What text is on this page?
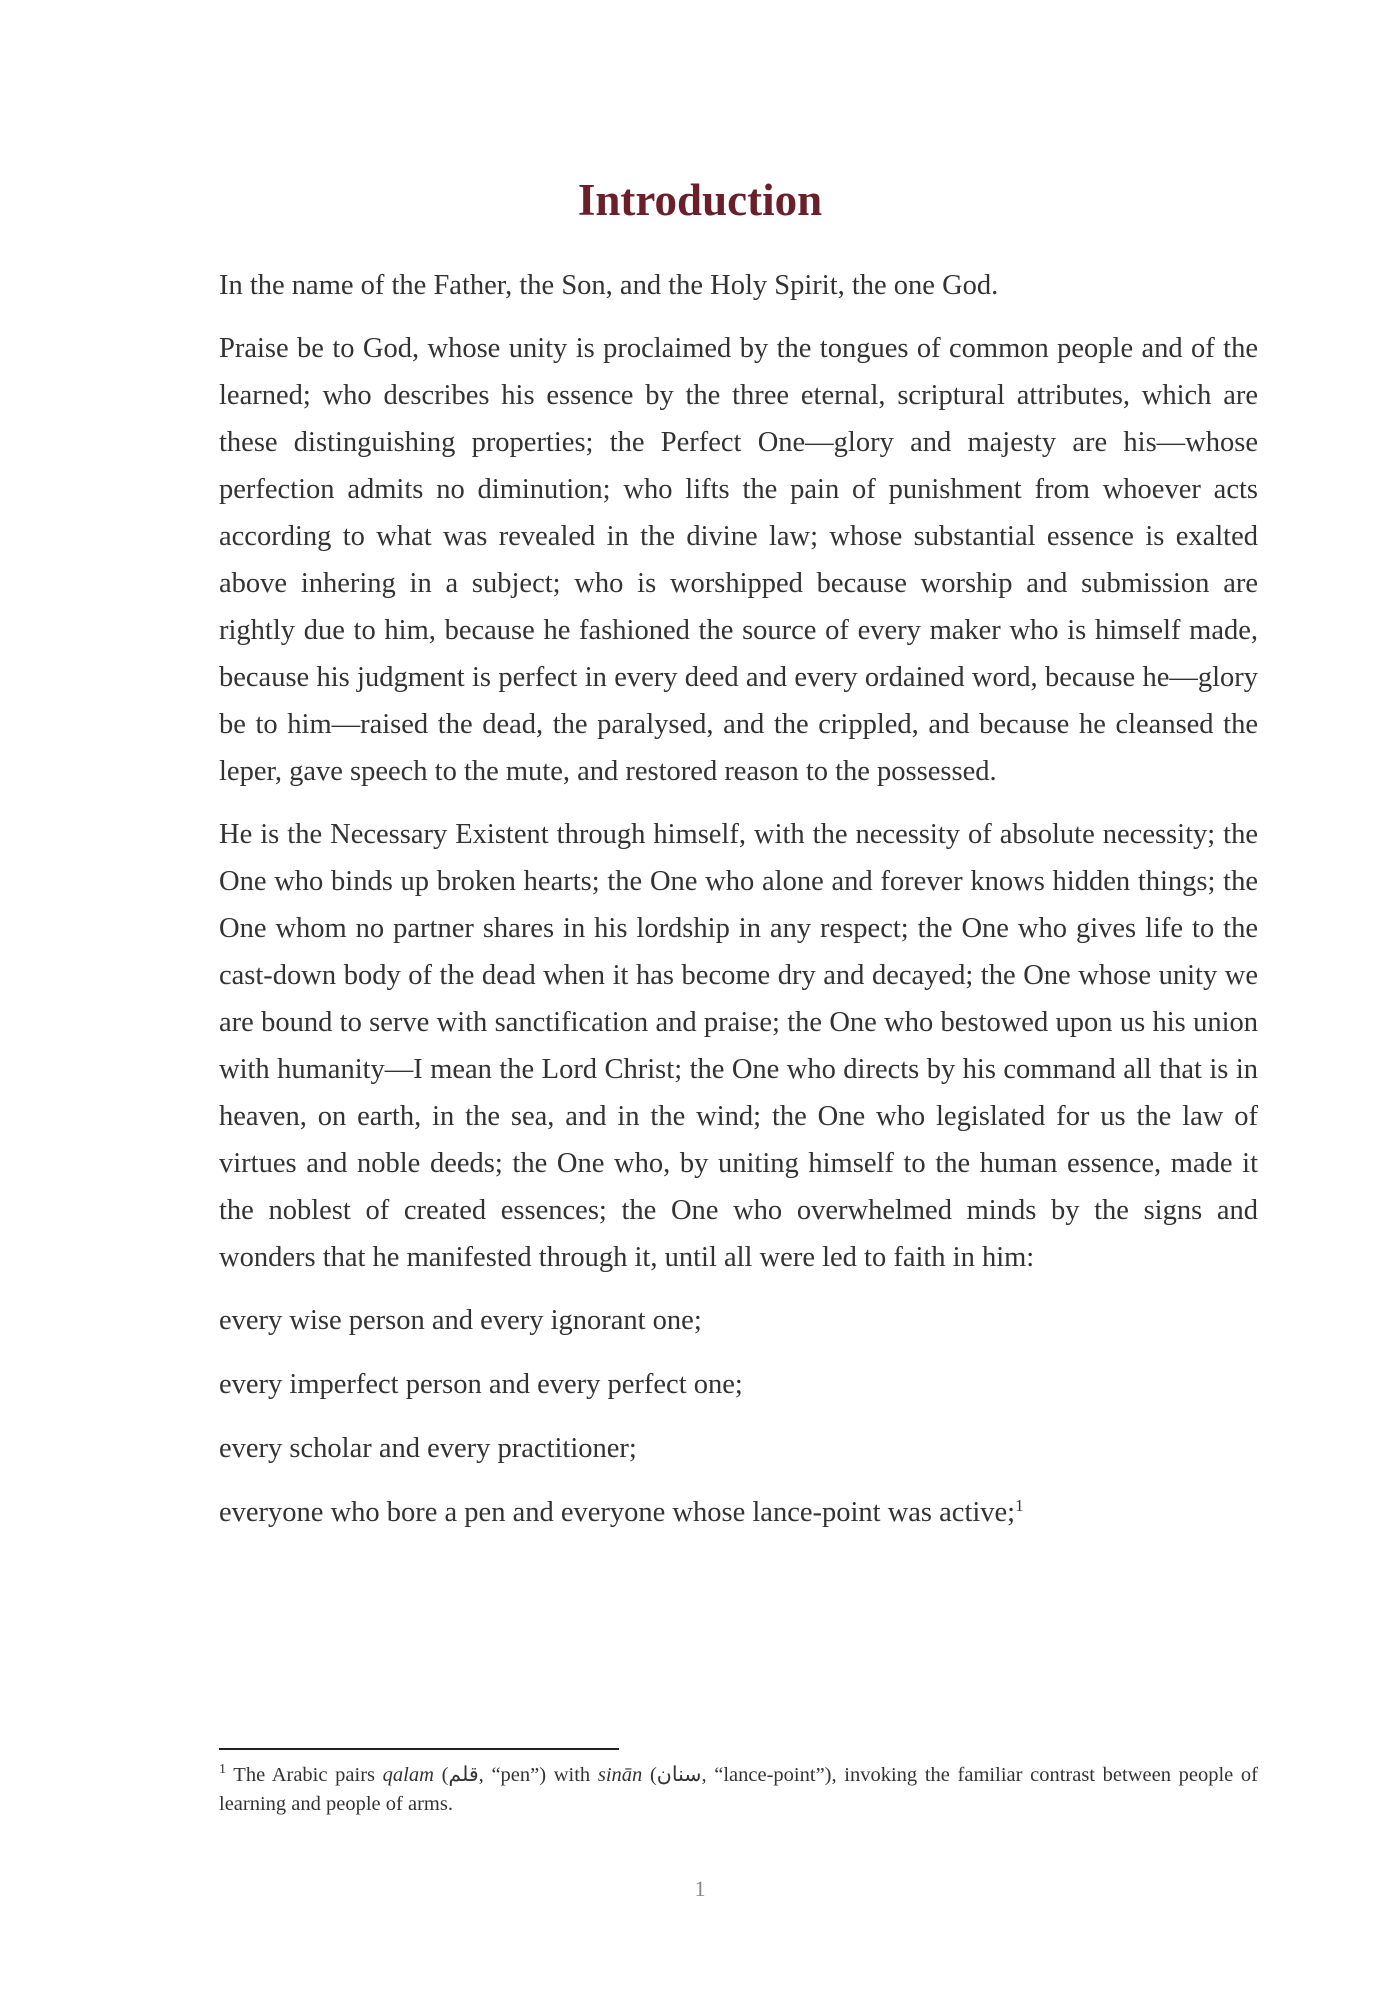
Introduction

In the name of the Father, the Son, and the Holy Spirit, the one God.

Praise be to God, whose unity is proclaimed by the tongues of common people and of the learned; who describes his essence by the three eternal, scriptural attributes, which are these distinguishing properties; the Perfect One—glory and majesty are his—whose perfection admits no diminution; who lifts the pain of punishment from whoever acts according to what was revealed in the divine law; whose substantial essence is exalted above inhering in a subject; who is worshipped because worship and submission are rightly due to him, because he fashioned the source of every maker who is himself made, because his judgment is perfect in every deed and every ordained word, because he—glory be to him—raised the dead, the paralysed, and the crippled, and because he cleansed the leper, gave speech to the mute, and restored reason to the possessed.

He is the Necessary Existent through himself, with the necessity of absolute necessity; the One who binds up broken hearts; the One who alone and forever knows hidden things; the One whom no partner shares in his lordship in any respect; the One who gives life to the cast-down body of the dead when it has become dry and decayed; the One whose unity we are bound to serve with sanctification and praise; the One who bestowed upon us his union with humanity—I mean the Lord Christ; the One who directs by his command all that is in heaven, on earth, in the sea, and in the wind; the One who legislated for us the law of virtues and noble deeds; the One who, by uniting himself to the human essence, made it the noblest of created essences; the One who overwhelmed minds by the signs and wonders that he manifested through it, until all were led to faith in him:

every wise person and every ignorant one;

every imperfect person and every perfect one;

every scholar and every practitioner;

everyone who bore a pen and everyone whose lance-point was active;$^1$

$^1$ The Arabic pairs qalam (قلم, “pen”) with sinān (سنان, “lance-point”), invoking the familiar contrast between people of learning and people of arms.

1
